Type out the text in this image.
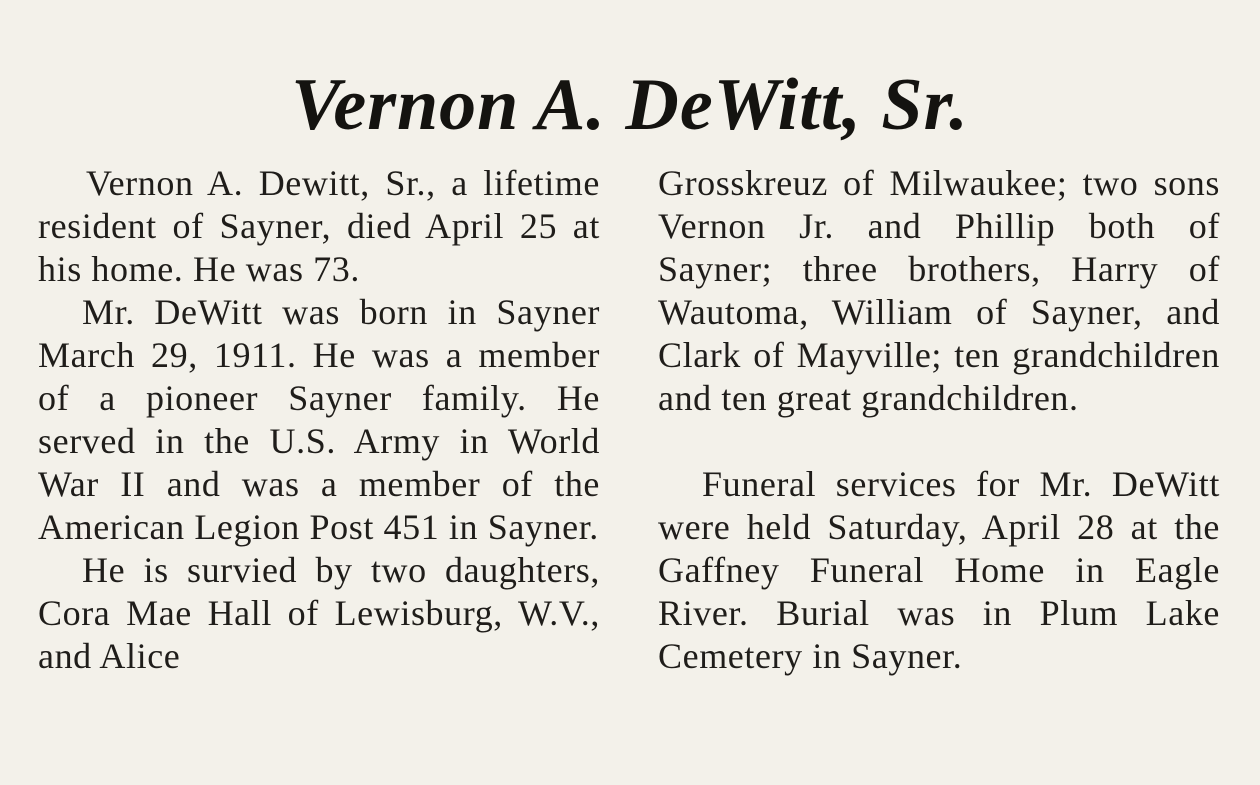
Vernon A. DeWitt, Sr.

Vernon A. Dewitt, Sr., a lifetime resident of Sayner, died April 25 at his home. He was 73.

Mr. DeWitt was born in Sayner March 29, 1911. He was a member of a pioneer Sayner family. He served in the U.S. Army in World War II and was a member of the American Legion Post 451 in Sayner.

He is survied by two daughters, Cora Mae Hall of Lewisburg, W.V., and Alice

Grosskreuz of Milwaukee; two sons Vernon Jr. and Phillip both of Sayner; three brothers, Harry of Wautoma, William of Sayner, and Clark of Mayville; ten grandchildren and ten great grandchildren.

Funeral services for Mr. DeWitt were held Saturday, April 28 at the Gaffney Funeral Home in Eagle River. Burial was in Plum Lake Cemetery in Sayner.
